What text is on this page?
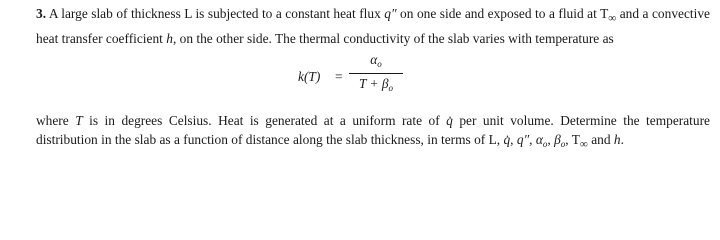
3. A large slab of thickness L is subjected to a constant heat flux q″ on one side and exposed to a fluid at $T_\infty$ and a convective heat transfer coefficient h, on the other side. The thermal conductivity of the slab varies with temperature as

$k(T) = \frac{\alpha_o}{T + \beta_o}$

where T is in degrees Celsius. Heat is generated at a uniform rate of q̇ per unit volume. Determine the temperature distribution in the slab as a function of distance along the slab thickness, in terms of L, q̇, q″, $\alpha_o$, $\beta_o$, $T_\infty$ and h.
